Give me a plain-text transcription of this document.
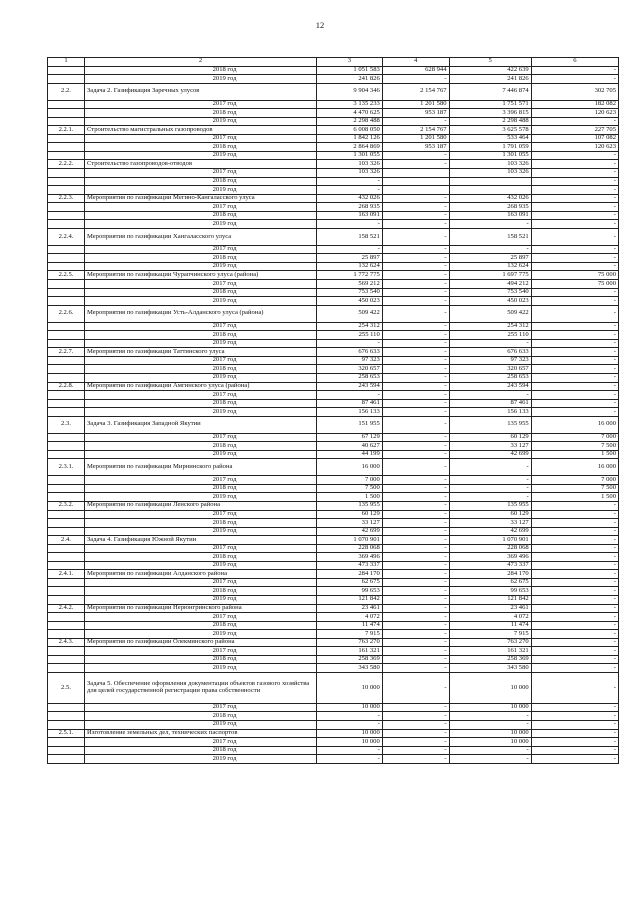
12
1	2	3	4	5	6
	2018 год	1 051 583	628 944	422 639	-
	2019 год	241 826	-	241 826	-
2.2.	Задача 2. Газификация Заречных улусов	9 904 346	2 154 767	7 446 874	302 705
	2017 год	3 135 233	1 201 580	1 751 571	182 082
	2018 год	4 470 625	953 187	3 396 815	120 623
	2019 год	2 298 488	-	2 298 488	-
2.2.1.	Строительство магистральных газопроводов	6 008 050	2 154 767	3 625 578	227 705
	2017 год	1 842 126	1 201 580	533 464	107 082
	2018 год	2 864 869	953 187	1 791 059	120 623
	2019 год	1 301 055	-	1 301 055	-
2.2.2.	Строительство газопроводов-отводов	103 326	-	103 326	-
	2017 год	103 326		103 326	-
	2018 год	-			-
	2019 год	-			-
2.2.3.	Мероприятия по газификации Мегино-Кангаласского улуса	432 026	-	432 026	-
	2017 год	268 935	-	268 935	-
	2018 год	163 091	-	163 091	-
	2019 год	-	-	-	-
2.2.4.	Мероприятия по газификации Хангаласского улуса	158 521	-	158 521	-
	2017 год	-	-	-	-
	2018 год	25 897	-	25 897	-
	2019 год	132 624	-	132 624	-
2.2.5.	Мероприятия по газификации Чурапчинского улуса (района)	1 772 775	-	1 697 775	75 000
	2017 год	569 212	-	494 212	75 000
	2018 год	753 540	-	753 540	-
	2019 год	450 023	-	450 023	-
2.2.6.	Мероприятия по газификации Усть-Алданского улуса (района)	509 422	-	509 422	-
	2017 год	254 312	-	254 312	-
	2018 год	255 110	-	255 110	-
	2019 год	-	-	-	-
2.2.7.	Мероприятия по газификации Таттинского улуса	676 633	-	676 633	-
	2017 год	97 323	-	97 323	-
	2018 год	320 657	-	320 657	-
	2019 год	258 653	-	258 653	-
2.2.8.	Мероприятия по газификации Амгинского улуса (района)	243 594	-	243 594	-
	2017 год	-	-	-	-
	2018 год	87 461	-	87 461	-
	2019 год	156 133	-	156 133	-
2.3.	Задача 3. Газификация Западной Якутии	151 955	-	135 955	16 000
	2017 год	67 129	-	60 129	7 000
	2018 год	40 627	-	33 127	7 500
	2019 год	44 199	-	42 699	1 500
2.3.1.	Мероприятия по газификации Мирнинского района	16 000	-	-	16 000
	2017 год	7 000	-	-	7 000
	2018 год	7 500	-	-	7 500
	2019 год	1 500	-	-	1 500
2.3.2.	Мероприятия по газификации Ленского района	135 955	-	135 955	-
	2017 год	60 129	-	60 129	-
	2018 год	33 127	-	33 127	-
	2019 год	42 699	-	42 699	-
2.4.	Задача 4. Газификация Южной Якутии	1 070 901	-	1 070 901	-
	2017 год	228 068	-	228 068	-
	2018 год	369 496	-	369 496	-
	2019 год	473 337	-	473 337	-
2.4.1.	Мероприятия по газификации Алданского района	284 170	-	284 170	-
	2017 год	62 675	-	62 675	-
	2018 год	99 653	-	99 653	-
	2019 год	121 842	-	121 842	-
2.4.2.	Мероприятия по газификации Нерюнгринского района	23 461	-	23 461	-
	2017 год	4 072	-	4 072	-
	2018 год	11 474	-	11 474	-
	2019 год	7 915	-	7 915	-
2.4.3.	Мероприятия по газификации Олекминского района	763 270	-	763 270	-
	2017 год	161 321	-	161 321	-
	2018 год	258 369	-	258 369	-
	2019 год	343 580	-	343 580	-
2.5.	Задача 5. Обеспечение оформления документации объектов газового хозяйства для целей государственной регистрации права собственности	10 000	-	10 000	-
	2017 год	10 000	-	10 000	-
	2018 год	-	-	-	-
	2019 год	-	-	-	-
2.5.1.	Изготовление земельных дел, технических паспортов	10 000	-	10 000	-
	2017 год	10 000	-	10 000	-
	2018 год	-	-	-	-
	2019 год	-	-	-	-
